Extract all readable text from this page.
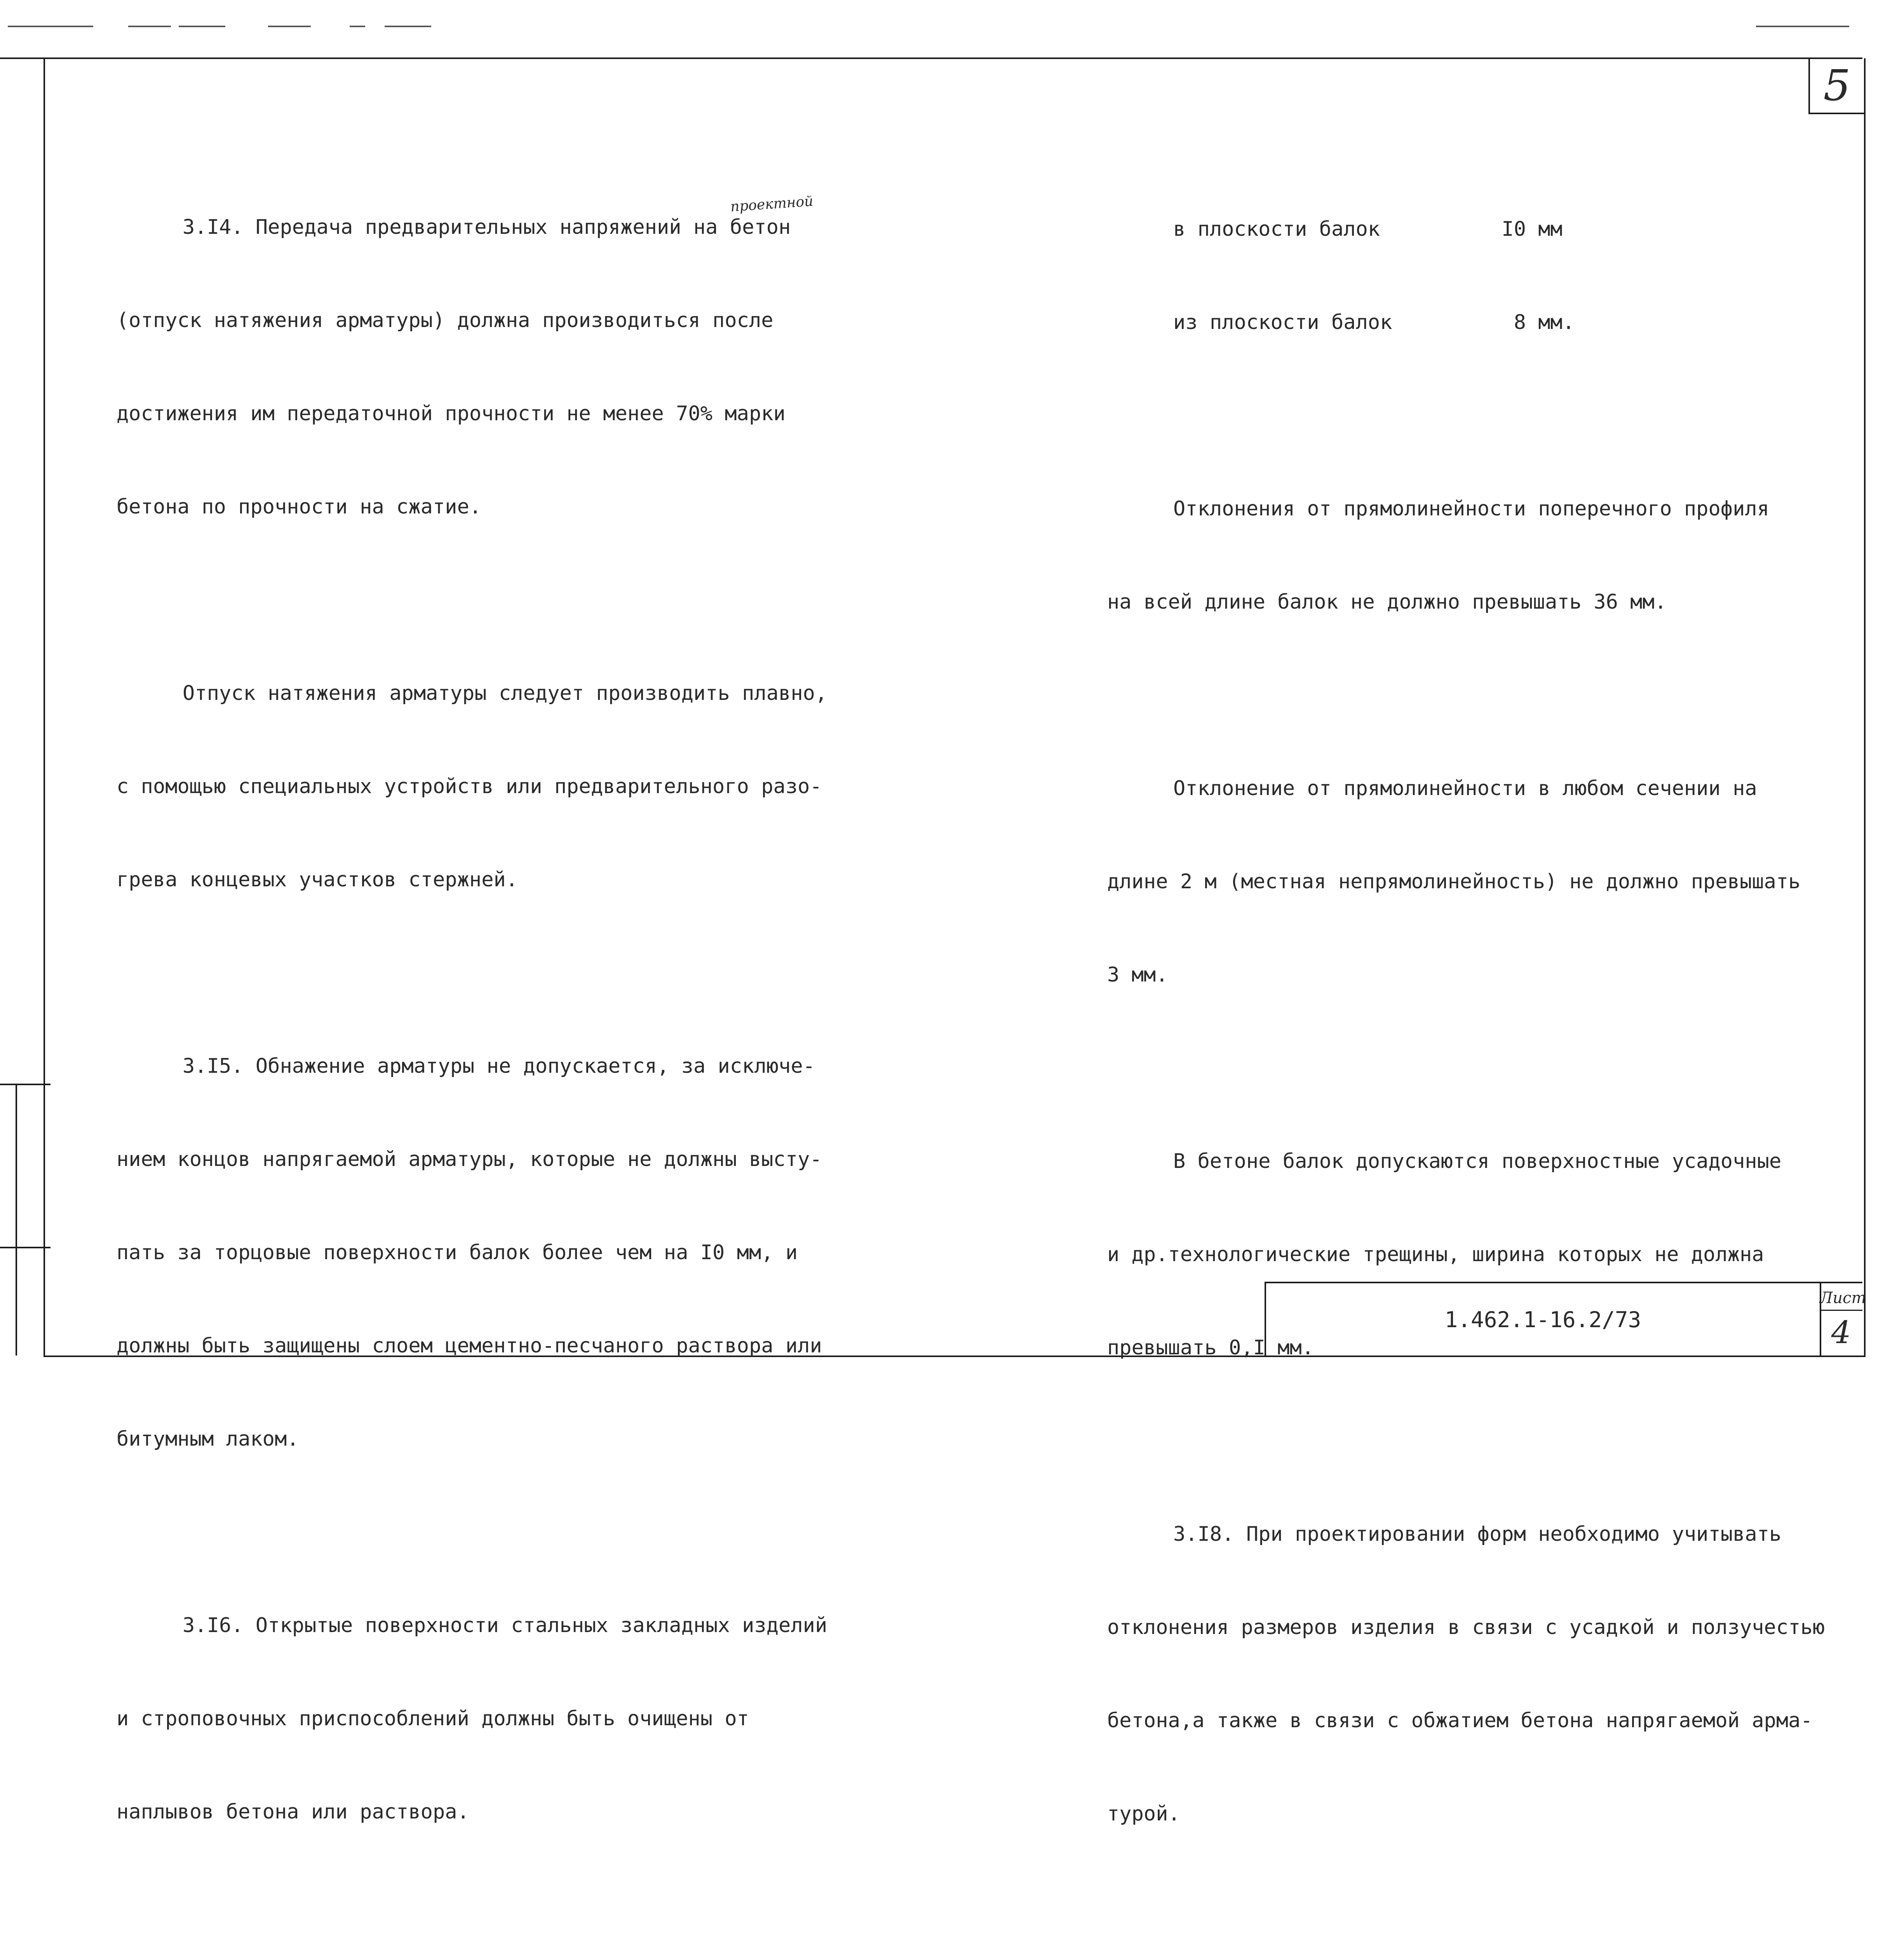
5

3.I4. Передача предварительных напряжений на бетон

(отпуск натяжения арматуры) должна производиться после

достижения им передаточной прочности не менее 70% марки

бетона по прочности на сжатие.

Отпуск натяжения арматуры следует производить плавно,

с помощью специальных устройств или предварительного разо-

грева концевых участков стержней.

3.I5. Обнажение арматуры не допускается, за исключе-

нием концов напрягаемой арматуры, которые не должны высту-

пать за торцовые поверхности балок более чем на I0 мм, и

должны быть защищены слоем цементно-песчаного раствора или

битумным лаком.

3.I6. Открытые поверхности стальных закладных изделий

и строповочных приспособлений должны быть очищены от

наплывов бетона или раствора.

проектной

в плоскости балок          I0 мм

из плоскости балок          8 мм.

Отклонения от прямолинейности поперечного профиля

на всей длине балок не должно превышать 36 мм.

Отклонение от прямолинейности в любом сечении на

длине 2 м (местная непрямолинейность) не должно превышать

3 мм.

В бетоне балок допускаются поверхностные усадочные

и др.технологические трещины, ширина которых не должна

превышать 0,I мм.

3.I8. При проектировании форм необходимо учитывать

отклонения размеров изделия в связи с усадкой и ползучестью

бетона,а также в связи с обжатием бетона напрягаемой арма-

турой.

1.462.1-16.2/73
Лист
4
